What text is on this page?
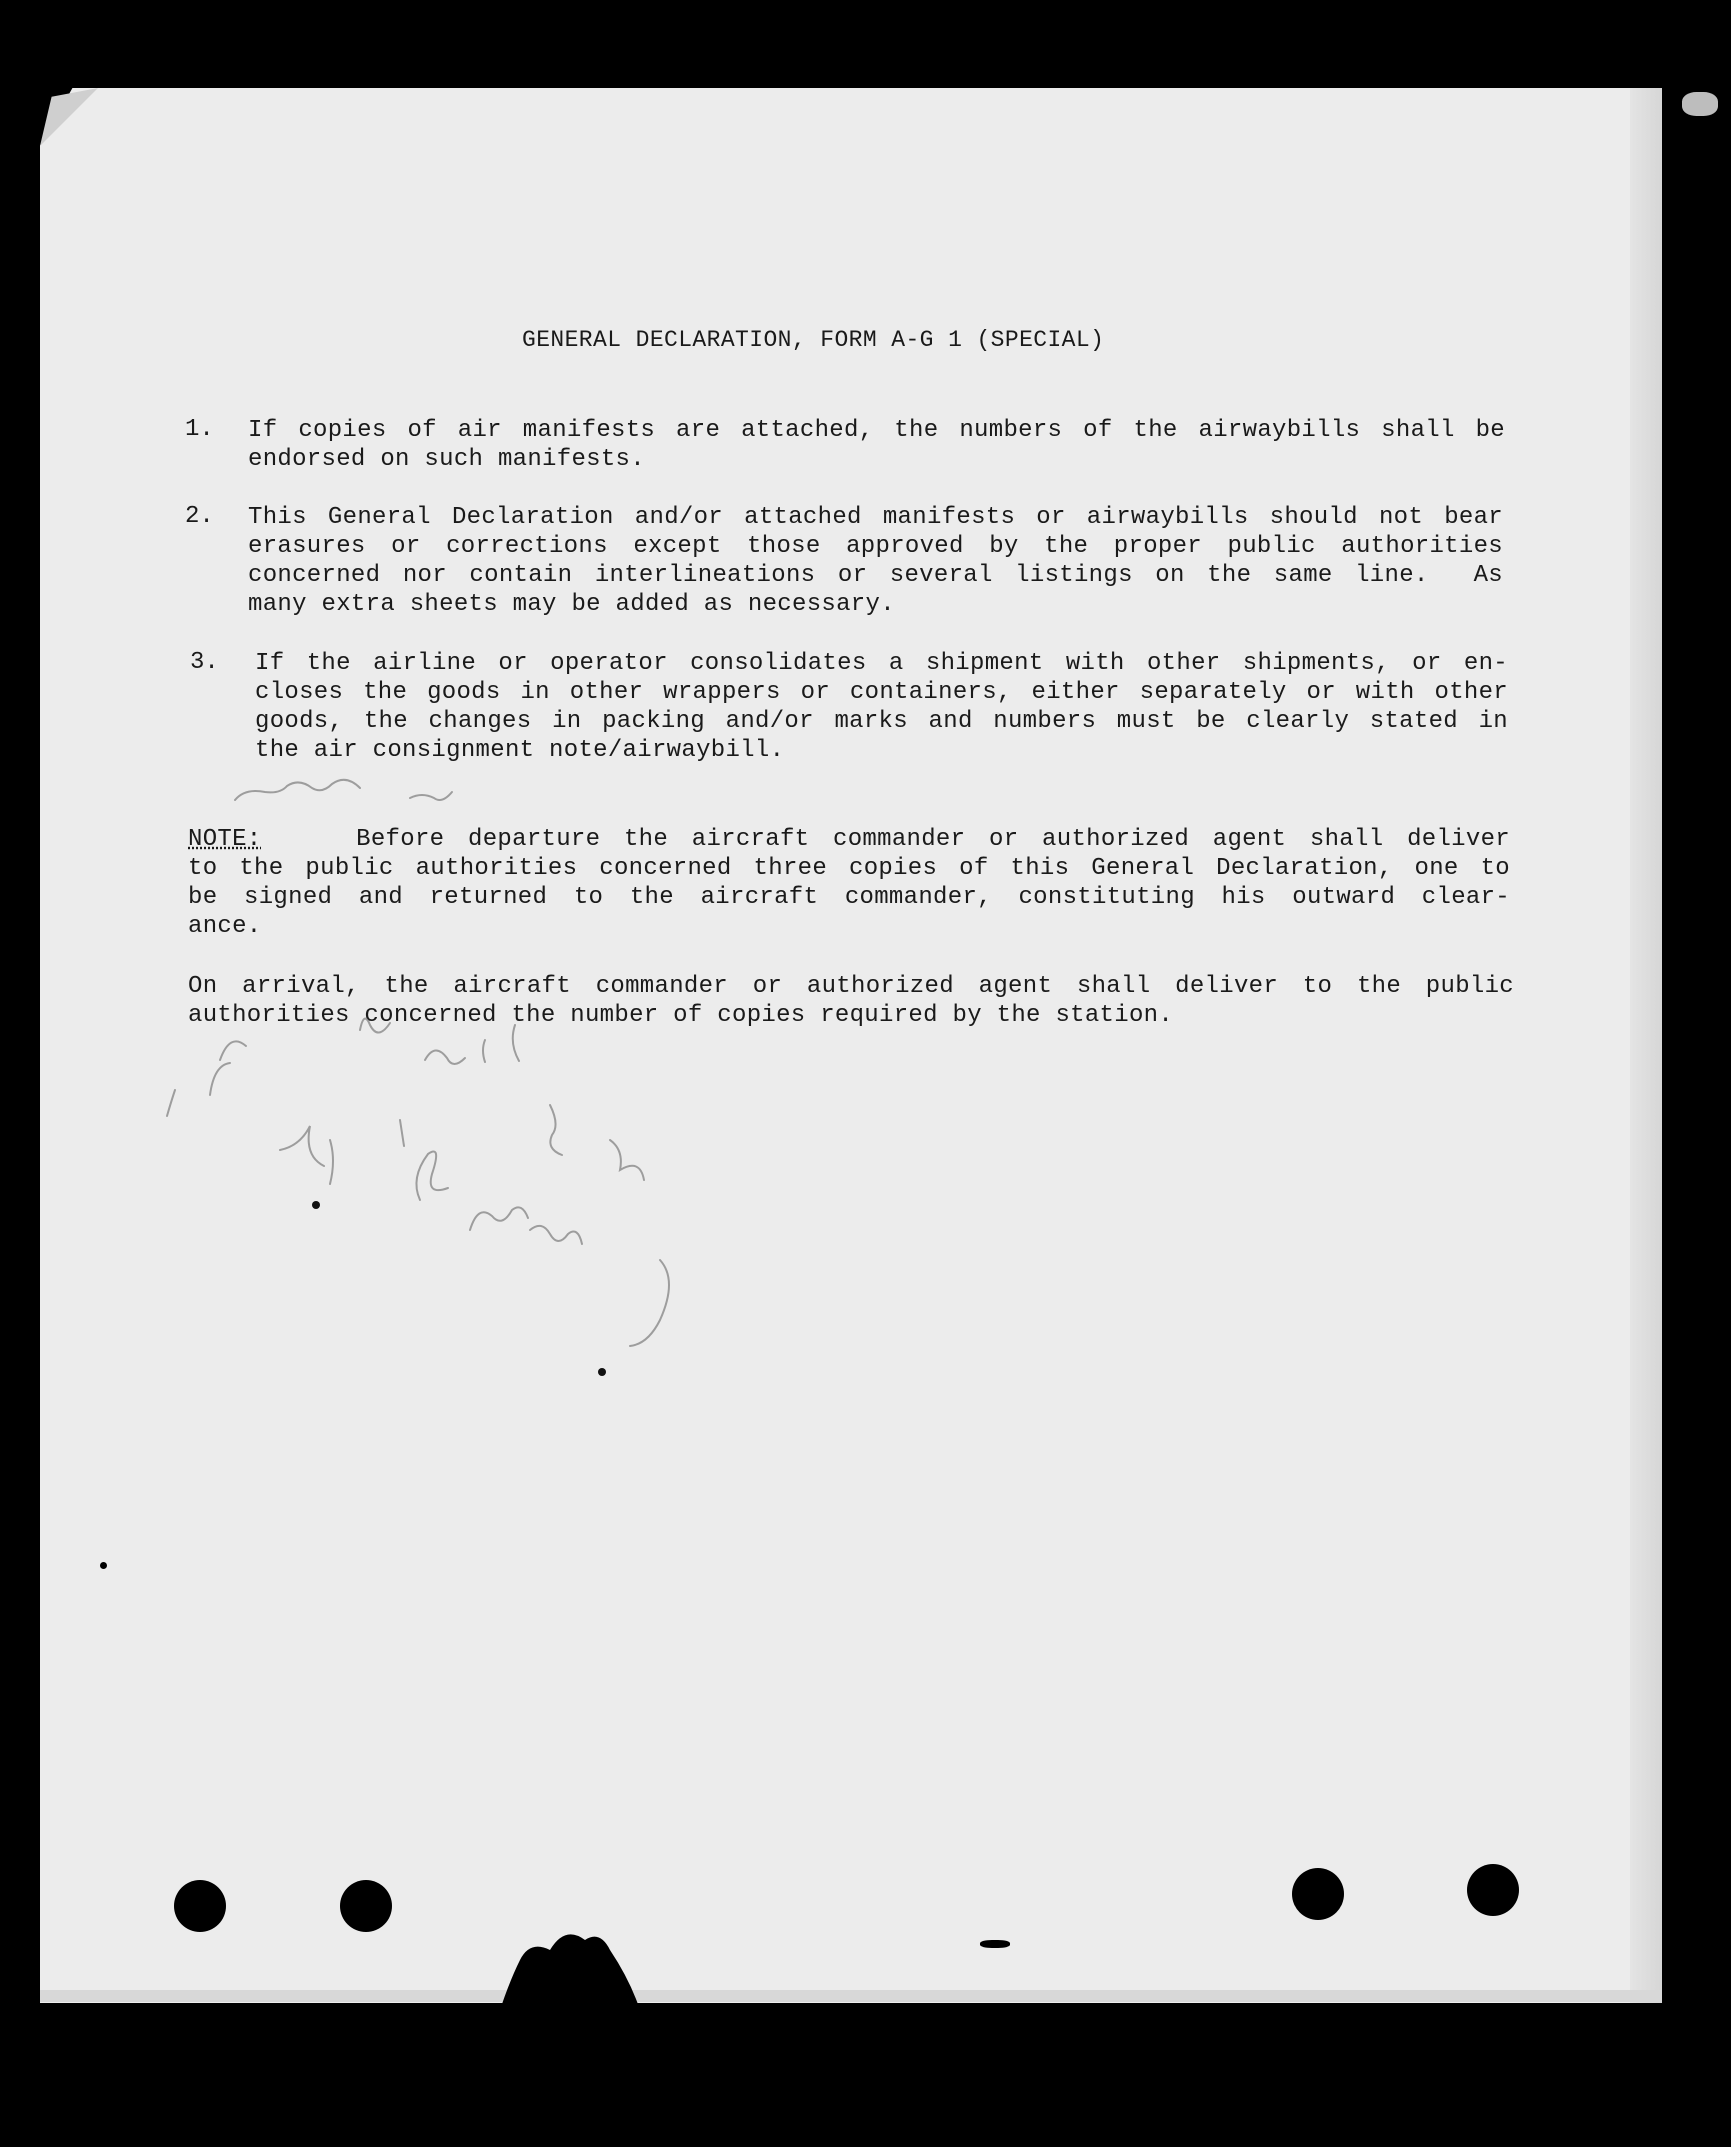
GENERAL DECLARATION, FORM A-G 1 (SPECIAL)
1. If copies of air manifests are attached, the numbers of the airwaybills shall be
endorsed on such manifests.
2. This General Declaration and/or attached manifests or airwaybills should not bear
erasures or corrections except those approved by the proper public authorities
concerned nor contain interlineations or several listings on the same line.  As
many extra sheets may be added as necessary.
3. If the airline or operator consolidates a shipment with other shipments, or en-
closes the goods in other wrappers or containers, either separately or with other
goods, the changes in packing and/or marks and numbers must be clearly stated in
the air consignment note/airwaybill.
NOTE:    Before departure the aircraft commander or authorized agent shall deliver
to the public authorities concerned three copies of this General Declaration, one to
be signed and returned to the aircraft commander, constituting his outward clear-
ance.
On arrival, the aircraft commander or authorized agent shall deliver to the public
authorities concerned the number of copies required by the station.
